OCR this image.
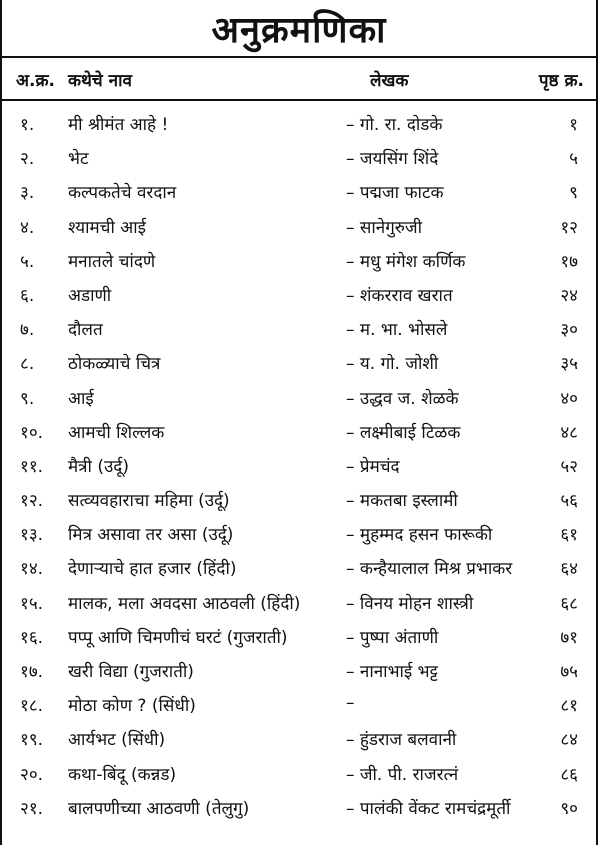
अनुक्रमणिका
अ.क्र. कथेचे नाव	लेखक	पृष्ठ क्र.
१. मी श्रीमंत आहे !	– गो. रा. दोडके	१
२. भेट	– जयसिंग शिंदे	५
३. कल्पकतेचे वरदान	– पद्मजा फाटक	९
४. श्यामची आई	– सानेगुरुजी	१२
५. मनातले चांदणे	– मधु मंगेश कर्णिक	१७
६. अडाणी	– शंकरराव खरात	२४
७. दौलत	– म. भा. भोसले	३०
८. ठोकळ्याचे चित्र	– य. गो. जोशी	३५
९. आई	– उद्धव ज. शेळके	४०
१०. आमची शिल्लक	– लक्ष्मीबाई टिळक	४८
११. मैत्री (उर्दू)	– प्रेमचंद	५२
१२. सत्व्यवहाराचा महिमा (उर्दू)	– मकतबा इस्लामी	५६
१३. मित्र असावा तर असा (उर्दू)	– मुहम्मद हसन फारूकी	६१
१४. देणाऱ्याचे हात हजार (हिंदी)	– कन्हैयालाल मिश्र प्रभाकर	६४
१५. मालक, मला अवदसा आठवली (हिंदी)	– विनय मोहन शास्त्री	६८
१६. पप्पू आणि चिमणीचं घरटं (गुजराती)	– पुष्पा अंताणी	७१
१७. खरी विद्या (गुजराती)	– नानाभाई भट्ट	७५
१८. मोठा कोण ? (सिंधी)	–	८१
१९. आर्यभट (सिंधी)	– हुंडराज बलवानी	८४
२०. कथा-बिंदू (कन्नड)	– जी. पी. राजरत्नं	८६
२१. बालपणीच्या आठवणी (तेलुगु)	– पालंकी वेंकट रामचंद्रमूर्ती	९०
